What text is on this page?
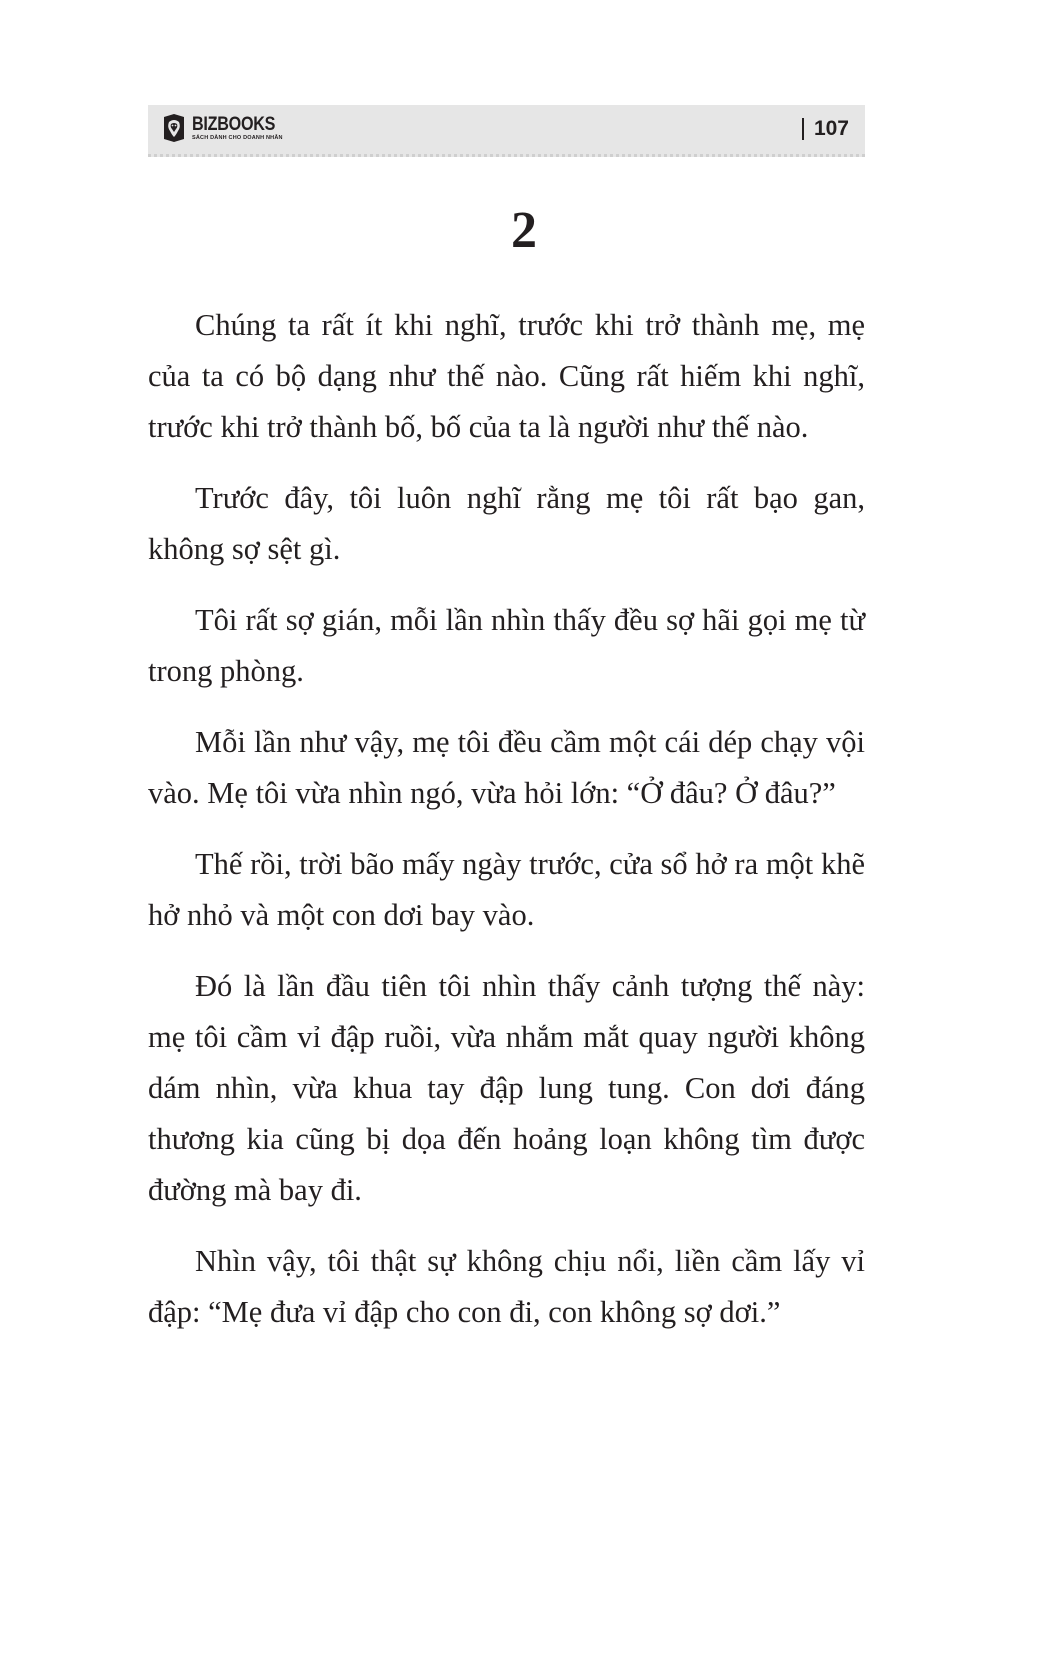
BIZBOOKS
SÁCH DÀNH CHO DOANH NHÂN	107
2

Chúng ta rất ít khi nghĩ, trước khi trở thành mẹ, mẹ của ta có bộ dạng như thế nào. Cũng rất hiếm khi nghĩ, trước khi trở thành bố, bố của ta là người như thế nào.

Trước đây, tôi luôn nghĩ rằng mẹ tôi rất bạo gan, không sợ sệt gì.

Tôi rất sợ gián, mỗi lần nhìn thấy đều sợ hãi gọi mẹ từ trong phòng.

Mỗi lần như vậy, mẹ tôi đều cầm một cái dép chạy vội vào. Mẹ tôi vừa nhìn ngó, vừa hỏi lớn: “Ở đâu? Ở đâu?”

Thế rồi, trời bão mấy ngày trước, cửa sổ hở ra một khẽ hở nhỏ và một con dơi bay vào.

Đó là lần đầu tiên tôi nhìn thấy cảnh tượng thế này: mẹ tôi cầm vỉ đập ruồi, vừa nhắm mắt quay người không dám nhìn, vừa khua tay đập lung tung. Con dơi đáng thương kia cũng bị dọa đến hoảng loạn không tìm được đường mà bay đi.

Nhìn vậy, tôi thật sự không chịu nổi, liền cầm lấy vỉ đập: “Mẹ đưa vỉ đập cho con đi, con không sợ dơi.”
